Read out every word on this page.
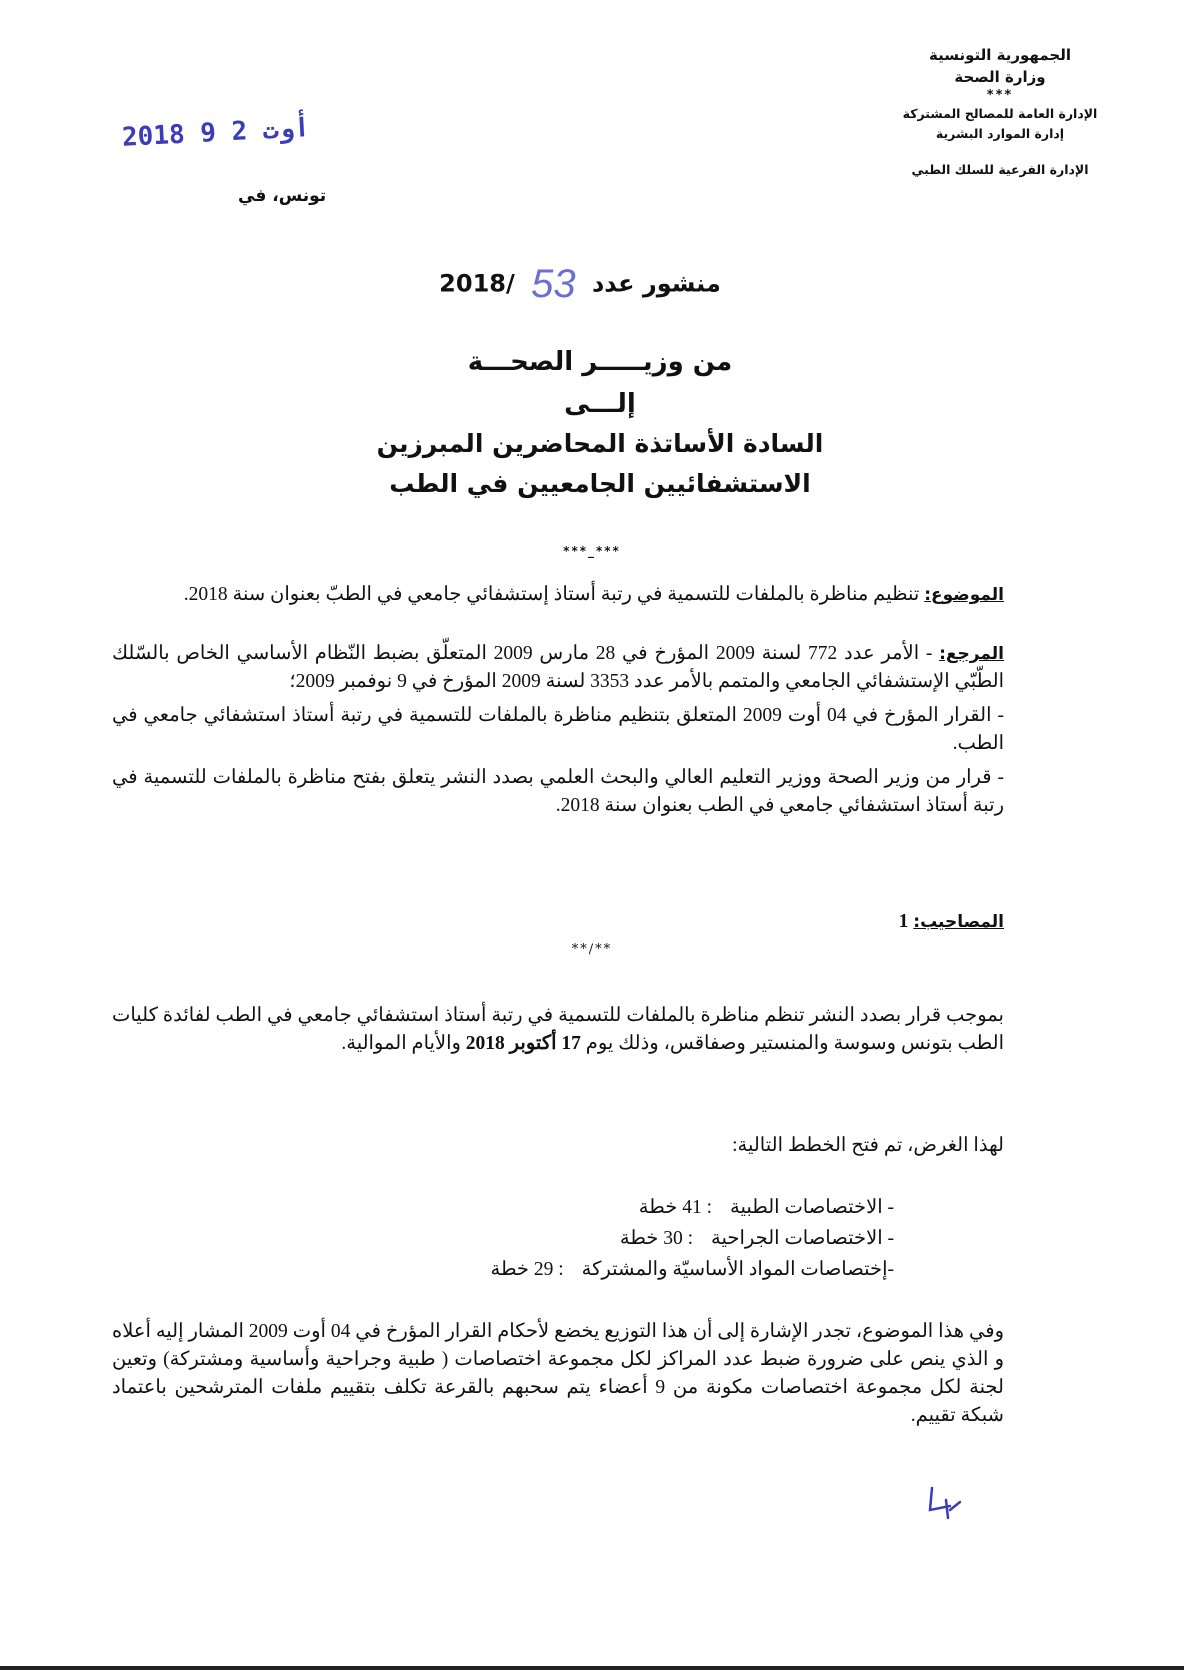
الجمهورية التونسية
وزارة الصحة
***
الإدارة العامة للمصالح المشتركة
إدارة الموارد البشرية
الإدارة الفرعية للسلك الطبي
2018 أوت 2 9
تونس، في
منشور عدد 53 /2018
من وزيـــــر الصحـــة
إلـــى
السادة الأساتذة المحاضرين المبرزين
الاستشفائيين الجامعيين في الطب
***_***
الموضوع: تنظيم مناظرة بالملفات للتسمية في رتبة أستاذ إستشفائي جامعي في الطبّ بعنوان سنة 2018.
المرجع: - الأمر عدد 772 لسنة 2009 المؤرخ في 28 مارس 2009 المتعلّق بضبط النّظام الأساسي الخاص بالسّلك الطّبّي الإستشفائي الجامعي والمتمم بالأمر عدد 3353 لسنة 2009 المؤرخ في 9 نوفمبر 2009؛
- القرار المؤرخ في 04 أوت 2009 المتعلق بتنظيم مناظرة بالملفات للتسمية في رتبة أستاذ استشفائي جامعي في الطب.
- قرار من وزير الصحة ووزير التعليم العالي والبحث العلمي بصدد النشر يتعلق بفتح مناظرة بالملفات للتسمية في رتبة أستاذ استشفائي جامعي في الطب بعنوان سنة 2018.
المصاحيب: 1
**/**
بموجب قرار بصدد النشر تنظم مناظرة بالملفات للتسمية في رتبة أستاذ استشفائي جامعي في الطب لفائدة كليات الطب بتونس وسوسة والمنستير وصفاقس، وذلك يوم 17 أكتوبر 2018 والأيام الموالية.
لهذا الغرض، تم فتح الخطط التالية:
- الاختصاصات الطبية
: 41 خطة
- الاختصاصات الجراحية
: 30 خطة
-إختصاصات المواد الأساسيّة والمشتركة
: 29 خطة
وفي هذا الموضوع، تجدر الإشارة إلى أن هذا التوزيع يخضع لأحكام القرار المؤرخ في 04 أوت 2009 المشار إليه أعلاه و الذي ينص على ضرورة ضبط عدد المراكز لكل مجموعة اختصاصات ( طبية وجراحية وأساسية ومشتركة) وتعين لجنة لكل مجموعة اختصاصات مكونة من 9 أعضاء يتم سحبهم بالقرعة تكلف بتقييم ملفات المترشحين باعتماد شبكة تقييم.
